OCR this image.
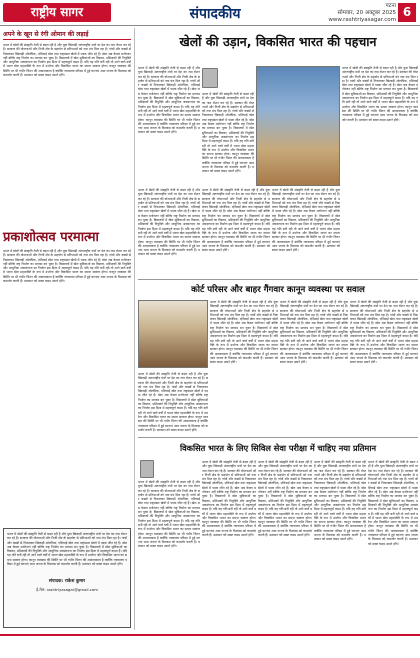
राष्ट्रीय सागर	संपादकीय	पटना
सोमवार, 20 अक्टूबर 2025
www.rashtriyasagar.com
6
अपने के खून से रंगी ओमान की लड़ाई
भारत में खेलों की संस्कृति तेजी से बदल रही है और युवा खिलाड़ी अंतरराष्ट्रीय मंचों पर देश का नाम रोशन कर रहे हैं। सरकार की योजनाओं और निजी क्षेत्र के सहयोग से प्रतिभाओं को नया मंच मिल रहा है। गांवों और कस्बों से निकलकर खिलाड़ी ओलंपिक, एशियाई खेल तथा राष्ट्रमंडल खेलों में पदक जीत रहे हैं। खेल अब केवल मनोरंजन नहीं बल्कि राष्ट्र निर्माण का माध्यम बन चुका है। विद्यालयों में खेल सुविधाओं का विस्तार, प्रशिक्षकों की नियुक्ति और आधुनिक अवसंरचना का निर्माण इस दिशा में महत्वपूर्ण कदम हैं। यदि यह गति बनी रही तो आने वाले वर्षों में भारत खेल महाशक्ति के रूप में उभरेगा और विकसित भारत का सपना साकार होगा। कानून व्यवस्था की स्थिति पर भी गंभीर चिंतन की आवश्यकता है क्योंकि न्यायालय परिसर में हुई घटनाएं आम जनता के विश्वास को कमजोर करती हैं। प्रशासन को सख्त कदम उठाने होंगे।
प्रकाशोत्सव परमात्मा
भारत में खेलों की संस्कृति तेजी से बदल रही है और युवा खिलाड़ी अंतरराष्ट्रीय मंचों पर देश का नाम रोशन कर रहे हैं। सरकार की योजनाओं और निजी क्षेत्र के सहयोग से प्रतिभाओं को नया मंच मिल रहा है। गांवों और कस्बों से निकलकर खिलाड़ी ओलंपिक, एशियाई खेल तथा राष्ट्रमंडल खेलों में पदक जीत रहे हैं। खेल अब केवल मनोरंजन नहीं बल्कि राष्ट्र निर्माण का माध्यम बन चुका है। विद्यालयों में खेल सुविधाओं का विस्तार, प्रशिक्षकों की नियुक्ति और आधुनिक अवसंरचना का निर्माण इस दिशा में महत्वपूर्ण कदम हैं। यदि यह गति बनी रही तो आने वाले वर्षों में भारत खेल महाशक्ति के रूप में उभरेगा और विकसित भारत का सपना साकार होगा। कानून व्यवस्था की स्थिति पर भी गंभीर चिंतन की आवश्यकता है क्योंकि न्यायालय परिसर में हुई घटनाएं आम जनता के विश्वास को कमजोर करती हैं। प्रशासन को सख्त कदम उठाने होंगे।
भारत में खेलों की संस्कृति तेजी से बदल रही है और युवा खिलाड़ी अंतरराष्ट्रीय मंचों पर देश का नाम रोशन कर रहे हैं। सरकार की योजनाओं और निजी क्षेत्र के सहयोग से प्रतिभाओं को नया मंच मिल रहा है। गांवों और कस्बों से निकलकर खिलाड़ी ओलंपिक, एशियाई खेल तथा राष्ट्रमंडल खेलों में पदक जीत रहे हैं। खेल अब केवल मनोरंजन नहीं बल्कि राष्ट्र निर्माण का माध्यम बन चुका है। विद्यालयों में खेल सुविधाओं का विस्तार, प्रशिक्षकों की नियुक्ति और आधुनिक अवसंरचना का निर्माण इस दिशा में महत्वपूर्ण कदम हैं। यदि यह गति बनी रही तो आने वाले वर्षों में भारत खेल महाशक्ति के रूप में उभरेगा और विकसित भारत का सपना साकार होगा। कानून व्यवस्था की स्थिति पर भी गंभीर चिंतन की आवश्यकता है क्योंकि न्यायालय परिसर में हुई घटनाएं आम जनता के विश्वास को कमजोर करती हैं। प्रशासन को सख्त कदम उठाने होंगे।
संपादक: राकेश कुमार
ई-मेल: rashtriyasagar@gmail.com
खेलों की उड़ान, विकसित भारत की पहचान
भारत में खेलों की संस्कृति तेजी से बदल रही है और युवा खिलाड़ी अंतरराष्ट्रीय मंचों पर देश का नाम रोशन कर रहे हैं। सरकार की योजनाओं और निजी क्षेत्र के सहयोग से प्रतिभाओं को नया मंच मिल रहा है। गांवों और कस्बों से निकलकर खिलाड़ी ओलंपिक, एशियाई खेल तथा राष्ट्रमंडल खेलों में पदक जीत रहे हैं। खेल अब केवल मनोरंजन नहीं बल्कि राष्ट्र निर्माण का माध्यम बन चुका है। विद्यालयों में खेल सुविधाओं का विस्तार, प्रशिक्षकों की नियुक्ति और आधुनिक अवसंरचना का निर्माण इस दिशा में महत्वपूर्ण कदम हैं। यदि यह गति बनी रही तो आने वाले वर्षों में भारत खेल महाशक्ति के रूप में उभरेगा और विकसित भारत का सपना साकार होगा। कानून व्यवस्था की स्थिति पर भी गंभीर चिंतन की आवश्यकता है क्योंकि न्यायालय परिसर में हुई घटनाएं आम जनता के विश्वास को कमजोर करती हैं। प्रशासन को सख्त कदम उठाने होंगे।
भारत में खेलों की संस्कृति तेजी से बदल रही है और युवा खिलाड़ी अंतरराष्ट्रीय मंचों पर देश का नाम रोशन कर रहे हैं। सरकार की योजनाओं और निजी क्षेत्र के सहयोग से प्रतिभाओं को नया मंच मिल रहा है। गांवों और कस्बों से निकलकर खिलाड़ी ओलंपिक, एशियाई खेल तथा राष्ट्रमंडल खेलों में पदक जीत रहे हैं। खेल अब केवल मनोरंजन नहीं बल्कि राष्ट्र निर्माण का माध्यम बन चुका है। विद्यालयों में खेल सुविधाओं का विस्तार, प्रशिक्षकों की नियुक्ति और आधुनिक अवसंरचना का निर्माण इस दिशा में महत्वपूर्ण कदम हैं। यदि यह गति बनी रही तो आने वाले वर्षों में भारत खेल महाशक्ति के रूप में उभरेगा और विकसित भारत का सपना साकार होगा। कानून व्यवस्था की स्थिति पर भी गंभीर चिंतन की आवश्यकता है क्योंकि न्यायालय परिसर में हुई घटनाएं आम जनता के विश्वास को कमजोर करती हैं। प्रशासन को सख्त कदम उठाने होंगे।
भारत में खेलों की संस्कृति तेजी से बदल रही है और युवा खिलाड़ी अंतरराष्ट्रीय मंचों पर देश का नाम रोशन कर रहे हैं। सरकार की योजनाओं और निजी क्षेत्र के सहयोग से प्रतिभाओं को नया मंच मिल रहा है। गांवों और कस्बों से निकलकर खिलाड़ी ओलंपिक, एशियाई खेल तथा राष्ट्रमंडल खेलों में पदक जीत रहे हैं। खेल अब केवल मनोरंजन नहीं बल्कि राष्ट्र निर्माण का माध्यम बन चुका है। विद्यालयों में खेल सुविधाओं का विस्तार, प्रशिक्षकों की नियुक्ति और आधुनिक अवसंरचना का निर्माण इस दिशा में महत्वपूर्ण कदम हैं। यदि यह गति बनी रही तो आने वाले वर्षों में भारत खेल महाशक्ति के रूप में उभरेगा और विकसित भारत का सपना साकार होगा। कानून व्यवस्था की स्थिति पर भी गंभीर चिंतन की आवश्यकता है क्योंकि न्यायालय परिसर में हुई घटनाएं आम जनता के विश्वास को कमजोर करती हैं। प्रशासन को सख्त कदम उठाने होंगे।
भारत में खेलों की संस्कृति तेजी से बदल रही है और युवा खिलाड़ी अंतरराष्ट्रीय मंचों पर देश का नाम रोशन कर रहे हैं। सरकार की योजनाओं और निजी क्षेत्र के सहयोग से प्रतिभाओं को नया मंच मिल रहा है। गांवों और कस्बों से निकलकर खिलाड़ी ओलंपिक, एशियाई खेल तथा राष्ट्रमंडल खेलों में पदक जीत रहे हैं। खेल अब केवल मनोरंजन नहीं बल्कि राष्ट्र निर्माण का माध्यम बन चुका है। विद्यालयों में खेल सुविधाओं का विस्तार, प्रशिक्षकों की नियुक्ति और आधुनिक अवसंरचना का निर्माण इस दिशा में महत्वपूर्ण कदम हैं। यदि यह गति बनी रही तो आने वाले वर्षों में भारत खेल महाशक्ति के रूप में उभरेगा और विकसित भारत का सपना साकार होगा। कानून व्यवस्था की स्थिति पर भी गंभीर चिंतन की आवश्यकता है क्योंकि न्यायालय परिसर में हुई घटनाएं आम जनता के विश्वास को कमजोर करती हैं। प्रशासन को सख्त कदम उठाने होंगे।
भारत में खेलों की संस्कृति तेजी से बदल रही है और युवा खिलाड़ी अंतरराष्ट्रीय मंचों पर देश का नाम रोशन कर रहे हैं। सरकार की योजनाओं और निजी क्षेत्र के सहयोग से प्रतिभाओं को नया मंच मिल रहा है। गांवों और कस्बों से निकलकर खिलाड़ी ओलंपिक, एशियाई खेल तथा राष्ट्रमंडल खेलों में पदक जीत रहे हैं। खेल अब केवल मनोरंजन नहीं बल्कि राष्ट्र निर्माण का माध्यम बन चुका है। विद्यालयों में खेल सुविधाओं का विस्तार, प्रशिक्षकों की नियुक्ति और आधुनिक अवसंरचना का निर्माण इस दिशा में महत्वपूर्ण कदम हैं। यदि यह गति बनी रही तो आने वाले वर्षों में भारत खेल महाशक्ति के रूप में उभरेगा और विकसित भारत का सपना साकार होगा। कानून व्यवस्था की स्थिति पर भी गंभीर चिंतन की आवश्यकता है क्योंकि न्यायालय परिसर में हुई घटनाएं आम जनता के विश्वास को कमजोर करती हैं। प्रशासन को सख्त कदम उठाने होंगे।
भारत में खेलों की संस्कृति तेजी से बदल रही है और युवा खिलाड़ी अंतरराष्ट्रीय मंचों पर देश का नाम रोशन कर रहे हैं। सरकार की योजनाओं और निजी क्षेत्र के सहयोग से प्रतिभाओं को नया मंच मिल रहा है। गांवों और कस्बों से निकलकर खिलाड़ी ओलंपिक, एशियाई खेल तथा राष्ट्रमंडल खेलों में पदक जीत रहे हैं। खेल अब केवल मनोरंजन नहीं बल्कि राष्ट्र निर्माण का माध्यम बन चुका है। विद्यालयों में खेल सुविधाओं का विस्तार, प्रशिक्षकों की नियुक्ति और आधुनिक अवसंरचना का निर्माण इस दिशा में महत्वपूर्ण कदम हैं। यदि यह गति बनी रही तो आने वाले वर्षों में भारत खेल महाशक्ति के रूप में उभरेगा और विकसित भारत का सपना साकार होगा। कानून व्यवस्था की स्थिति पर भी गंभीर चिंतन की आवश्यकता है क्योंकि न्यायालय परिसर में हुई घटनाएं आम जनता के विश्वास को कमजोर करती हैं। प्रशासन को सख्त कदम उठाने होंगे।
कोर्ट परिसर और बाहर गैंगवार कानून व्यवस्था पर सवाल
भारत में खेलों की संस्कृति तेजी से बदल रही है और युवा खिलाड़ी अंतरराष्ट्रीय मंचों पर देश का नाम रोशन कर रहे हैं। सरकार की योजनाओं और निजी क्षेत्र के सहयोग से प्रतिभाओं को नया मंच मिल रहा है। गांवों और कस्बों से निकलकर खिलाड़ी ओलंपिक, एशियाई खेल तथा राष्ट्रमंडल खेलों में पदक जीत रहे हैं। खेल अब केवल मनोरंजन नहीं बल्कि राष्ट्र निर्माण का माध्यम बन चुका है। विद्यालयों में खेल सुविधाओं का विस्तार, प्रशिक्षकों की नियुक्ति और आधुनिक अवसंरचना का निर्माण इस दिशा में महत्वपूर्ण कदम हैं। यदि यह गति बनी रही तो आने वाले वर्षों में भारत खेल महाशक्ति के रूप में उभरेगा और विकसित भारत का सपना साकार होगा। कानून व्यवस्था की स्थिति पर भी गंभीर चिंतन की आवश्यकता है क्योंकि न्यायालय परिसर में हुई घटनाएं आम जनता के विश्वास को कमजोर करती हैं। प्रशासन को सख्त कदम उठाने होंगे।
भारत में खेलों की संस्कृति तेजी से बदल रही है और युवा खिलाड़ी अंतरराष्ट्रीय मंचों पर देश का नाम रोशन कर रहे हैं। सरकार की योजनाओं और निजी क्षेत्र के सहयोग से प्रतिभाओं को नया मंच मिल रहा है। गांवों और कस्बों से निकलकर खिलाड़ी ओलंपिक, एशियाई खेल तथा राष्ट्रमंडल खेलों में पदक जीत रहे हैं। खेल अब केवल मनोरंजन नहीं बल्कि राष्ट्र निर्माण का माध्यम बन चुका है। विद्यालयों में खेल सुविधाओं का विस्तार, प्रशिक्षकों की नियुक्ति और आधुनिक अवसंरचना का निर्माण इस दिशा में महत्वपूर्ण कदम हैं। यदि यह गति बनी रही तो आने वाले वर्षों में भारत खेल महाशक्ति के रूप में उभरेगा और विकसित भारत का सपना साकार होगा। कानून व्यवस्था की स्थिति पर भी गंभीर चिंतन की आवश्यकता है क्योंकि न्यायालय परिसर में हुई घटनाएं आम जनता के विश्वास को कमजोर करती हैं। प्रशासन को सख्त कदम उठाने होंगे।
भारत में खेलों की संस्कृति तेजी से बदल रही है और युवा खिलाड़ी अंतरराष्ट्रीय मंचों पर देश का नाम रोशन कर रहे हैं। सरकार की योजनाओं और निजी क्षेत्र के सहयोग से प्रतिभाओं को नया मंच मिल रहा है। गांवों और कस्बों से निकलकर खिलाड़ी ओलंपिक, एशियाई खेल तथा राष्ट्रमंडल खेलों में पदक जीत रहे हैं। खेल अब केवल मनोरंजन नहीं बल्कि राष्ट्र निर्माण का माध्यम बन चुका है। विद्यालयों में खेल सुविधाओं का विस्तार, प्रशिक्षकों की नियुक्ति और आधुनिक अवसंरचना का निर्माण इस दिशा में महत्वपूर्ण कदम हैं। यदि यह गति बनी रही तो आने वाले वर्षों में भारत खेल महाशक्ति के रूप में उभरेगा और विकसित भारत का सपना साकार होगा। कानून व्यवस्था की स्थिति पर भी गंभीर चिंतन की आवश्यकता है क्योंकि न्यायालय परिसर में हुई घटनाएं आम जनता के विश्वास को कमजोर करती हैं। प्रशासन को सख्त कदम उठाने होंगे।
भारत में खेलों की संस्कृति तेजी से बदल रही है और युवा खिलाड़ी अंतरराष्ट्रीय मंचों पर देश का नाम रोशन कर रहे हैं। सरकार की योजनाओं और निजी क्षेत्र के सहयोग से प्रतिभाओं को नया मंच मिल रहा है। गांवों और कस्बों से निकलकर खिलाड़ी ओलंपिक, एशियाई खेल तथा राष्ट्रमंडल खेलों में पदक जीत रहे हैं। खेल अब केवल मनोरंजन नहीं बल्कि राष्ट्र निर्माण का माध्यम बन चुका है। विद्यालयों में खेल सुविधाओं का विस्तार, प्रशिक्षकों की नियुक्ति और आधुनिक अवसंरचना का निर्माण इस दिशा में महत्वपूर्ण कदम हैं। यदि यह गति बनी रही तो आने वाले वर्षों में भारत खेल महाशक्ति के रूप में उभरेगा और विकसित भारत का सपना साकार होगा। कानून व्यवस्था की स्थिति पर भी गंभीर चिंतन की आवश्यकता है क्योंकि न्यायालय परिसर में हुई घटनाएं आम जनता के विश्वास को कमजोर करती हैं। प्रशासन को सख्त कदम उठाने होंगे।
विकसित भारत के लिए सिविल सेवा परीक्षा में चाहिए नया प्रतिमान
भारत में खेलों की संस्कृति तेजी से बदल रही है और युवा खिलाड़ी अंतरराष्ट्रीय मंचों पर देश का नाम रोशन कर रहे हैं। सरकार की योजनाओं और निजी क्षेत्र के सहयोग से प्रतिभाओं को नया मंच मिल रहा है। गांवों और कस्बों से निकलकर खिलाड़ी ओलंपिक, एशियाई खेल तथा राष्ट्रमंडल खेलों में पदक जीत रहे हैं। खेल अब केवल मनोरंजन नहीं बल्कि राष्ट्र निर्माण का माध्यम बन चुका है। विद्यालयों में खेल सुविधाओं का विस्तार, प्रशिक्षकों की नियुक्ति और आधुनिक अवसंरचना का निर्माण इस दिशा में महत्वपूर्ण कदम हैं। यदि यह गति बनी रही तो आने वाले वर्षों में भारत खेल महाशक्ति के रूप में उभरेगा और विकसित भारत का सपना साकार होगा। कानून व्यवस्था की स्थिति पर भी गंभीर चिंतन की आवश्यकता है क्योंकि न्यायालय परिसर में हुई घटनाएं आम जनता के विश्वास को कमजोर करती हैं। प्रशासन को सख्त कदम उठाने होंगे।
भारत में खेलों की संस्कृति तेजी से बदल रही है और युवा खिलाड़ी अंतरराष्ट्रीय मंचों पर देश का नाम रोशन कर रहे हैं। सरकार की योजनाओं और निजी क्षेत्र के सहयोग से प्रतिभाओं को नया मंच मिल रहा है। गांवों और कस्बों से निकलकर खिलाड़ी ओलंपिक, एशियाई खेल तथा राष्ट्रमंडल खेलों में पदक जीत रहे हैं। खेल अब केवल मनोरंजन नहीं बल्कि राष्ट्र निर्माण का माध्यम बन चुका है। विद्यालयों में खेल सुविधाओं का विस्तार, प्रशिक्षकों की नियुक्ति और आधुनिक अवसंरचना का निर्माण इस दिशा में महत्वपूर्ण कदम हैं। यदि यह गति बनी रही तो आने वाले वर्षों में भारत खेल महाशक्ति के रूप में उभरेगा और विकसित भारत का सपना साकार होगा। कानून व्यवस्था की स्थिति पर भी गंभीर चिंतन की आवश्यकता है क्योंकि न्यायालय परिसर में हुई घटनाएं आम जनता के विश्वास को कमजोर करती हैं। प्रशासन को सख्त कदम उठाने होंगे।
भारत में खेलों की संस्कृति तेजी से बदल रही है और युवा खिलाड़ी अंतरराष्ट्रीय मंचों पर देश का नाम रोशन कर रहे हैं। सरकार की योजनाओं और निजी क्षेत्र के सहयोग से प्रतिभाओं को नया मंच मिल रहा है। गांवों और कस्बों से निकलकर खिलाड़ी ओलंपिक, एशियाई खेल तथा राष्ट्रमंडल खेलों में पदक जीत रहे हैं। खेल अब केवल मनोरंजन नहीं बल्कि राष्ट्र निर्माण का माध्यम बन चुका है। विद्यालयों में खेल सुविधाओं का विस्तार, प्रशिक्षकों की नियुक्ति और आधुनिक अवसंरचना का निर्माण इस दिशा में महत्वपूर्ण कदम हैं। यदि यह गति बनी रही तो आने वाले वर्षों में भारत खेल महाशक्ति के रूप में उभरेगा और विकसित भारत का सपना साकार होगा। कानून व्यवस्था की स्थिति पर भी गंभीर चिंतन की आवश्यकता है क्योंकि न्यायालय परिसर में हुई घटनाएं आम जनता के विश्वास को कमजोर करती हैं। प्रशासन को सख्त कदम उठाने होंगे।
भारत में खेलों की संस्कृति तेजी से बदल रही है और युवा खिलाड़ी अंतरराष्ट्रीय मंचों पर देश का नाम रोशन कर रहे हैं। सरकार की योजनाओं और निजी क्षेत्र के सहयोग से प्रतिभाओं को नया मंच मिल रहा है। गांवों और कस्बों से निकलकर खिलाड़ी ओलंपिक, एशियाई खेल तथा राष्ट्रमंडल खेलों में पदक जीत रहे हैं। खेल अब केवल मनोरंजन नहीं बल्कि राष्ट्र निर्माण का माध्यम बन चुका है। विद्यालयों में खेल सुविधाओं का विस्तार, प्रशिक्षकों की नियुक्ति और आधुनिक अवसंरचना का निर्माण इस दिशा में महत्वपूर्ण कदम हैं। यदि यह गति बनी रही तो आने वाले वर्षों में भारत खेल महाशक्ति के रूप में उभरेगा और विकसित भारत का सपना साकार होगा। कानून व्यवस्था की स्थिति पर भी गंभीर चिंतन की आवश्यकता है क्योंकि न्यायालय परिसर में हुई घटनाएं आम जनता के विश्वास को कमजोर करती हैं। प्रशासन को सख्त कदम उठाने होंगे।
भारत में खेलों की संस्कृति तेजी से बदल रही है और युवा खिलाड़ी अंतरराष्ट्रीय मंचों पर देश का नाम रोशन कर रहे हैं। सरकार की योजनाओं और निजी क्षेत्र के सहयोग से प्रतिभाओं को नया मंच मिल रहा है। गांवों और कस्बों से निकलकर खिलाड़ी ओलंपिक, एशियाई खेल तथा राष्ट्रमंडल खेलों में पदक जीत रहे हैं। खेल अब केवल मनोरंजन नहीं बल्कि राष्ट्र निर्माण का माध्यम बन चुका है। विद्यालयों में खेल सुविधाओं का विस्तार, प्रशिक्षकों की नियुक्ति और आधुनिक अवसंरचना का निर्माण इस दिशा में महत्वपूर्ण कदम हैं। यदि यह गति बनी रही तो आने वाले वर्षों में भारत खेल महाशक्ति के रूप में उभरेगा और विकसित भारत का सपना साकार होगा। कानून व्यवस्था की स्थिति पर भी गंभीर चिंतन की आवश्यकता है क्योंकि न्यायालय परिसर में हुई घटनाएं आम जनता के विश्वास को कमजोर करती हैं। प्रशासन को सख्त कदम उठाने होंगे।
